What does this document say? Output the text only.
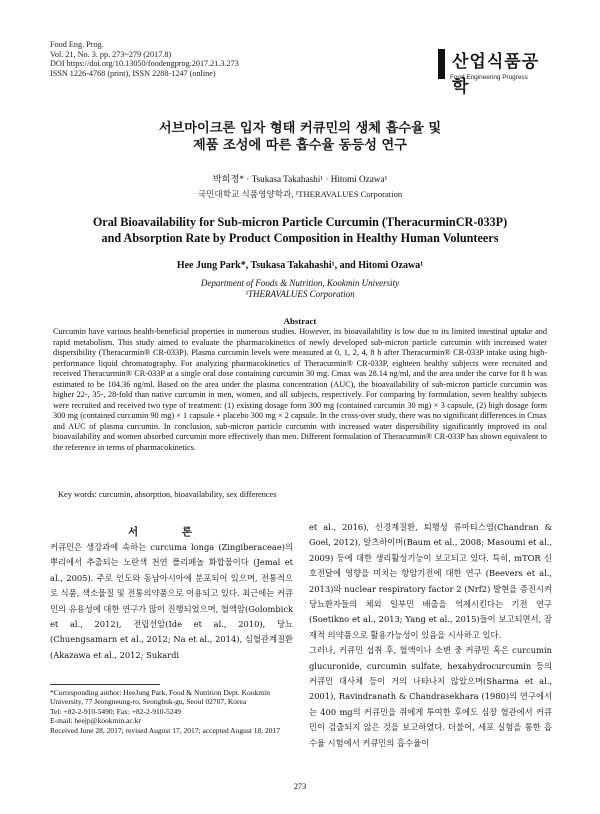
Food Eng. Prog.
Vol. 21, No. 3. pp. 273~279 (2017.8)
DOI https://doi.org/10.13050/foodengprog.2017.21.3.273
ISSN 1226-4768 (print), ISSN 2288-1247 (online)
산업식품공학
Food Engineering Progress
서브마이크론 입자 형태 커큐민의 생체 흡수율 및
제품 조성에 따른 흡수율 동등성 연구
박희정* · Tsukasa Takahashi¹ · Hitomi Ozawa¹
국민대학교 식품영양학과, ¹THERAVALUES Corporation
Oral Bioavailability for Sub-micron Particle Curcumin (TheracurminCR-033P)
and Absorption Rate by Product Composition in Healthy Human Volunteers
Hee Jung Park*, Tsukasa Takahashi¹, and Hitomi Ozawa¹
Department of Foods & Nutrition, Kookmin University
¹THERAVALUES Corporation
Abstract
Curcumin have various health-beneficial properties in numerous studies. However, its bioavailability is low due to its limited intestinal uptake and rapid metabolism. This study aimed to evaluate the pharmacokinetics of newly developed sub-micron particle curcumin with increased water dispersibility (Theracurmin® CR-033P). Plasma curcumin levels were measured at 0, 1, 2, 4, 8 h after Theracurmin® CR-033P intake using high-performance liquid chromatography. For analyzing pharmacokinetics of Theracurmin® CR-033P, eighteen healthy subjects were recruited and received Theracurmin® CR-033P at a single oral dose containing curcumin 30 mg. Cmax was 28.14 ng/ml, and the area under the curve for 8 h was estimated to be 104.36 ng/ml. Based on the area under the plasma concentration (AUC), the bioavailability of sub-micron particle curcumin was higher 22-, 35-, 28-fold than native curcumin in men, women, and all subjects, respectively. For comparing by formulation, seven healthy subjects were recruited and received two type of treatment: (1) existing dosage form 300 mg (contained curcumin 30 mg) × 3 capsule, (2) high dosage form 300 mg (contained curcumin 90 mg) × 1 capsule + placebo 300 mg × 2 capsule. In the cross-over study, there was no significant differences in Cmax and AUC of plasma curcumin. In conclusion, sub-micron particle curcumin with increased water dispersibility significantly improved its oral bioavailability and women absorbed curcumin more effectively than men. Different formulation of Theracurmin® CR-033P has shown equivalent to the reference in terms of pharmacokinetics.
Key words: curcumin, absorption, bioavailability, sex differences
서 론
커큐민은 생강과에 속하는 curcuma longa (Zingiberaceae)의 뿌리에서 추출되는 노란색 천연 폴리페놀 화합물이다 (Jemal et al., 2005). 주로 인도와 동남아시아에 분포되어 있으며, 전통적으로 식품, 색소물질 및 전통의약품으로 이용되고 있다. 최근에는 커큐민의 유용성에 대한 연구가 많이 진행되었으며, 혈액암(Golombick et al., 2012), 전립선암(Ide et al., 2010), 당뇨(Chuengsamarn et al., 2012; Na et al., 2014), 심혈관계질환(Akazawa et al., 2012; Sukardi
et al., 2016), 신경계질환, 퇴행성 류마티스염(Chandran & Goel, 2012), 알츠하이머(Baum et al., 2008; Masoumi et al., 2009) 등에 대한 생리활성기능이 보고되고 있다. 특히, mTOR 신호전달에 영향을 미치는 항암기전에 대한 연구 (Beevers et al., 2013)와 nuclear respiratory factor 2 (Nrf2) 발현을 증진시켜 당뇨환자들의 체외 일부민 배출을 억제시킨다는 기전 연구(Soetikno et al., 2013; Yang et al., 2015)들이 보고되면서, 잠재적 의약품으로 활용가능성이 있음을 시사하고 있다.
그러나, 커큐민 섭취 후, 혈액이나 소변 중 커큐민 혹은 curcumin glucuronide, curcumin sulfate, hexahydrocurcumin 등의 커큐민 대사체 등이 거의 나타나지 않았으며(Sharma et al., 2001), Ravindranath & Chandrasekhara (1980)의 연구에서는 400 mg의 커큐민을 쥐에게 투여한 후에도 심장 혈관에서 커큐민이 검출되지 않은 것을 보고하였다. 더불어, 세포 실험을 통한 흡수율 시험에서 커큐민의 흡수율이
*Corresponding author: HeeJung Park, Food & Nutrition Dept. Kookmin University, 77 Jeongneung-ro, Seongbuk-gu, Seoul 02707, Korea
Tel: +82-2-910-5490; Fax: +82-2-910-5249
E-mail: heejp@kookmin.ac.kr
Received June 28, 2017; revised August 17, 2017; accepted August 18, 2017
273
